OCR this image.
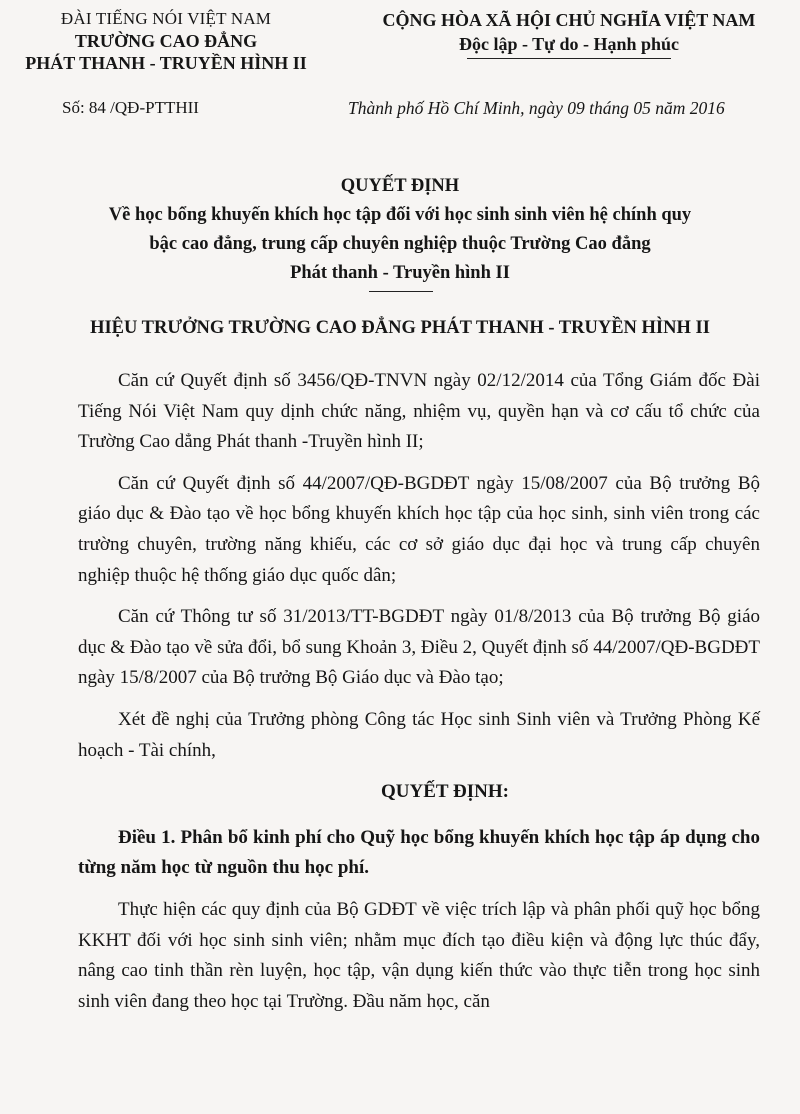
ĐÀI TIẾNG NÓI VIỆT NAM
TRƯỜNG CAO ĐẲNG
PHÁT THANH - TRUYỀN HÌNH II
CỘNG HÒA XÃ HỘI CHỦ NGHĨA VIỆT NAM
Độc lập - Tự do - Hạnh phúc
Số: 84 /QĐ-PTTHII	Thành phố Hồ Chí Minh, ngày 09 tháng 05 năm 2016
QUYẾT ĐỊNH
Về học bổng khuyến khích học tập đối với học sinh sinh viên hệ chính quy
bậc cao đẳng, trung cấp chuyên nghiệp thuộc Trường Cao đẳng
Phát thanh - Truyền hình II
HIỆU TRƯỞNG TRƯỜNG CAO ĐẲNG PHÁT THANH - TRUYỀN HÌNH II

Căn cứ Quyết định số 3456/QĐ-TNVN ngày 02/12/2014 của Tổng Giám đốc Đài Tiếng Nói Việt Nam quy dịnh chức năng, nhiệm vụ, quyền hạn và cơ cấu tổ chức của Trường Cao dẳng Phát thanh -Truyền hình II;

Căn cứ Quyết định số 44/2007/QĐ-BGDĐT ngày 15/08/2007 của Bộ trưởng Bộ giáo dục & Đào tạo về học bổng khuyến khích học tập của học sinh, sinh viên trong các trường chuyên, trường năng khiếu, các cơ sở giáo dục đại học và trung cấp chuyên nghiệp thuộc hệ thống giáo dục quốc dân;

Căn cứ Thông tư số 31/2013/TT-BGDĐT ngày 01/8/2013 của Bộ trưởng Bộ giáo dục & Đào tạo về sửa đổi, bổ sung Khoản 3, Điều 2, Quyết định số 44/2007/QĐ-BGDĐT ngày 15/8/2007 của Bộ trưởng Bộ Giáo dục và Đào tạo;

Xét đề nghị của Trưởng phòng Công tác Học sinh Sinh viên và Trưởng Phòng Kế hoạch - Tài chính,

QUYẾT ĐỊNH:

Điều 1. Phân bổ kinh phí cho Quỹ học bổng khuyến khích học tập áp dụng cho từng năm học từ nguồn thu học phí.

Thực hiện các quy định của Bộ GDĐT về việc trích lập và phân phối quỹ học bổng KKHT đối với học sinh sinh viên; nhằm mục đích tạo điều kiện và động lực thúc đẩy, nâng cao tinh thần rèn luyện, học tập, vận dụng kiến thức vào thực tiễn trong học sinh sinh viên đang theo học tại Trường. Đầu năm học, căn
